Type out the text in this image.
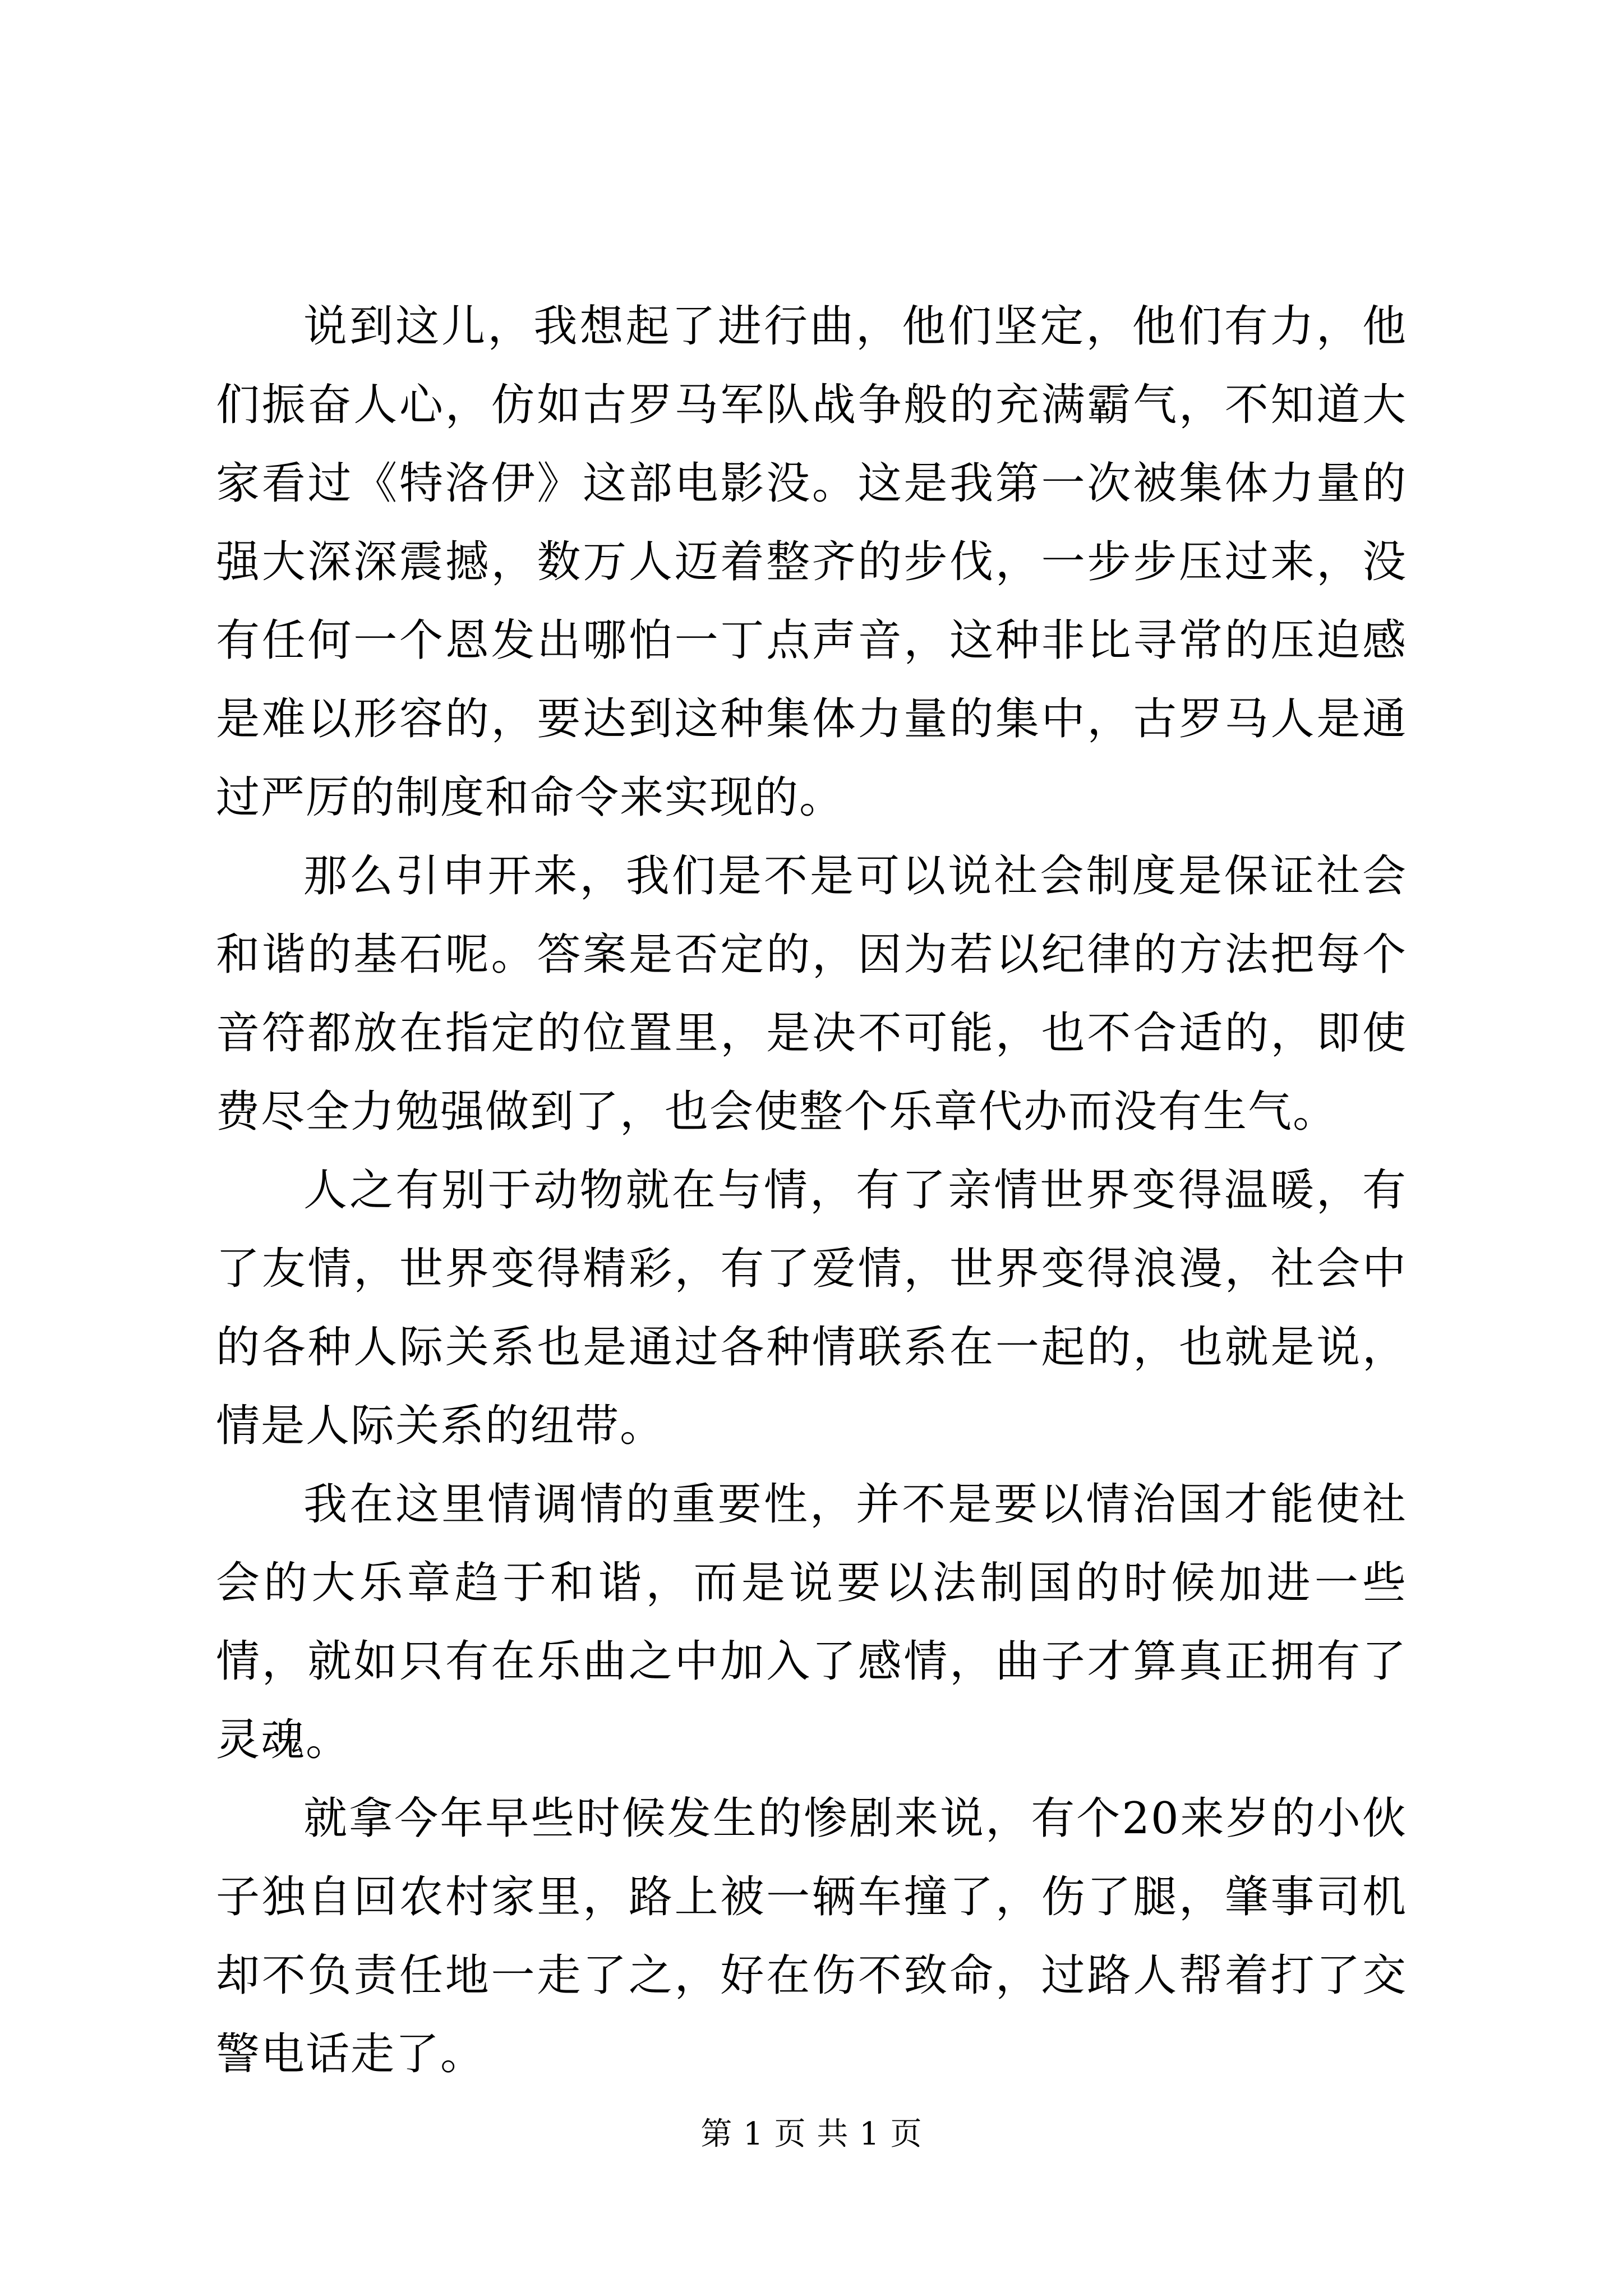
说到这儿，我想起了进行曲，他们坚定，他们有力，他们振奋人心，仿如古罗马军队战争般的充满霸气，不知道大家看过《特洛伊》这部电影没。这是我第一次被集体力量的强大深深震撼，数万人迈着整齐的步伐，一步步压过来，没有任何一个恩发出哪怕一丁点声音，这种非比寻常的压迫感是难以形容的，要达到这种集体力量的集中，古罗马人是通过严厉的制度和命令来实现的。

那么引申开来，我们是不是可以说社会制度是保证社会和谐的基石呢。答案是否定的，因为若以纪律的方法把每个音符都放在指定的位置里，是决不可能，也不合适的，即使费尽全力勉强做到了，也会使整个乐章代办而没有生气。

人之有别于动物就在与情，有了亲情世界变得温暖，有了友情，世界变得精彩，有了爱情，世界变得浪漫，社会中的各种人际关系也是通过各种情联系在一起的，也就是说，情是人际关系的纽带。

我在这里情调情的重要性，并不是要以情治国才能使社会的大乐章趋于和谐，而是说要以法制国的时候加进一些情，就如只有在乐曲之中加入了感情，曲子才算真正拥有了灵魂。

就拿今年早些时候发生的惨剧来说，有个20来岁的小伙子独自回农村家里，路上被一辆车撞了，伤了腿，肇事司机却不负责任地一走了之，好在伤不致命，过路人帮着打了交警电话走了。

第 1 页 共 1 页
